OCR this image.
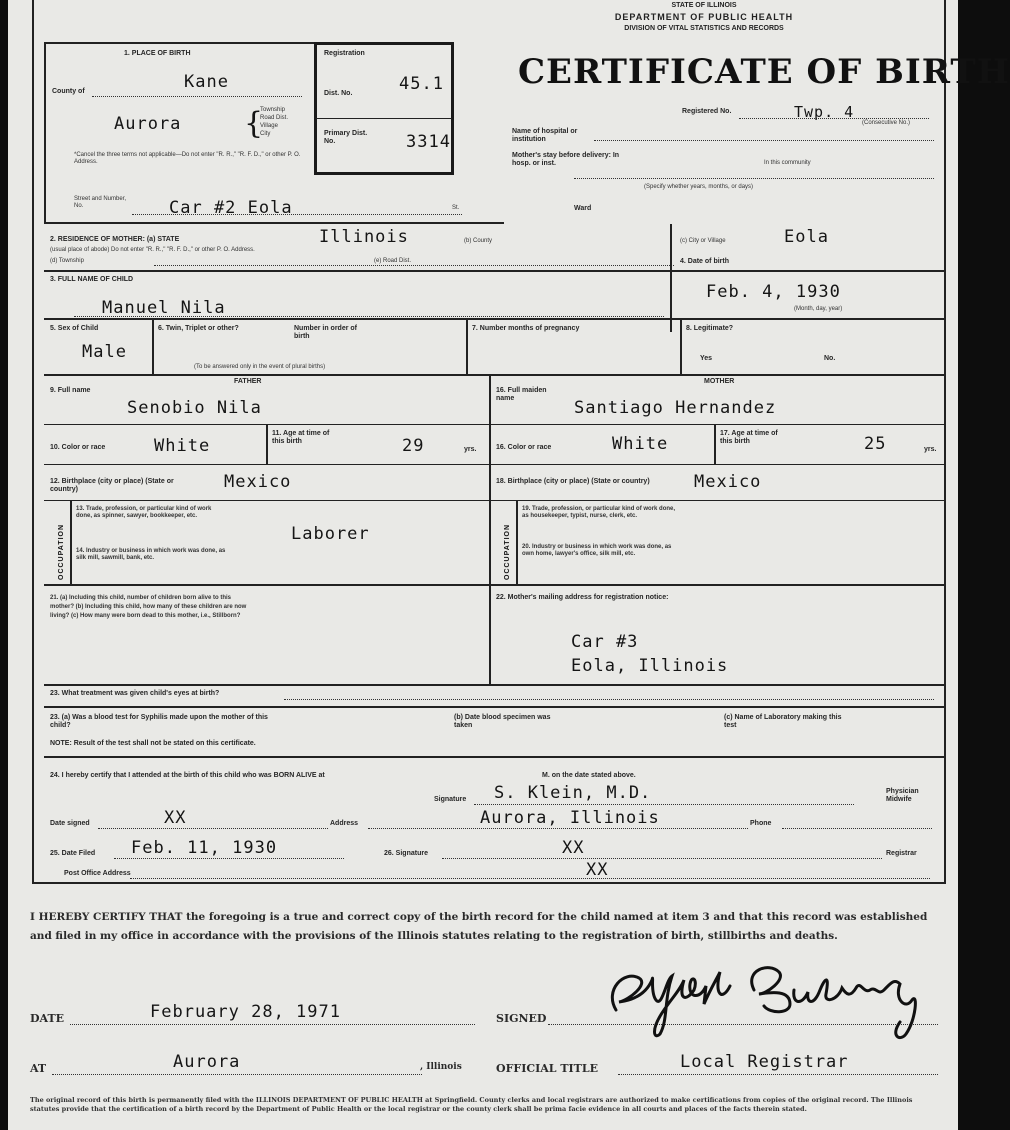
STATE OF ILLINOIS
DEPARTMENT OF PUBLIC HEALTH
DIVISION OF VITAL STATISTICS AND RECORDS
CERTIFICATE OF BIRTH
Registered No.	Twp. 4
(Consecutive No.)
1. PLACE OF BIRTH
County of	Kane
Aurora {
Township
Road Dist.
Village
City
*Cancel the three terms not applicable—Do not enter "R. R.," "R. F. D.," or other P. O. Address.
Street and Number, No.	Car #2 Eola	St.	Ward
Registration
Dist. No.	45.1
Primary Dist. No.	3314
Name of hospital or institution
Mother's stay before delivery: In hosp. or inst.	In this community
(Specify whether years, months, or days)
2. RESIDENCE OF MOTHER: (a) STATE	Illinois	(b) County
(usual place of abode) Do not enter "R. R.," "R. F. D.," or other P. O. Address.
(d) Township	(e) Road Dist.
(c) City or Village	Eola
3. FULL NAME OF CHILD
Manuel Nila
4. Date of birth
Feb. 4, 1930
(Month, day, year)
5. Sex of Child
Male
6. Twin, Triplet or other?	Number in order of birth
(To be answered only in the event of plural births)
7. Number months of pregnancy	8. Legitimate?
Yes	No.
FATHER	MOTHER
9. Full name
Senobio Nila
10. Color or race	White
11. Age at time of this birth	29	yrs.
12. Birthplace (city or place) (State or country)	Mexico
OCCUPATION
13. Trade, profession, or particular kind of work done, as spinner, sawyer, bookkeeper, etc.
Laborer
14. Industry or business in which work was done, as silk mill, sawmill, bank, etc.
16. Full maiden name	Santiago Hernandez
16. Color or race	White
17. Age at time of this birth	25	yrs.
18. Birthplace (city or place) (State or country)	Mexico
OCCUPATION
19. Trade, profession, or particular kind of work done, as housekeeper, typist, nurse, clerk, etc.
20. Industry or business in which work was done, as own home, lawyer's office, silk mill, etc.
21. (a) Including this child, number of children born alive to this mother? (b) Including this child, how many of these children are now living? (c) How many were born dead to this mother, i.e., Stillborn?
22. Mother's mailing address for registration notice:
Car #3
Eola, Illinois
23. What treatment was given child's eyes at birth?
23. (a) Was a blood test for Syphilis made upon the mother of this child?
(b) Date blood specimen was taken
(c) Name of Laboratory making this test
NOTE: Result of the test shall not be stated on this certificate.
24. I hereby certify that I attended at the birth of this child who was BORN ALIVE at	M. on the date stated above.
Signature S. Klein, M.D.	Physician Midwife
Date signed	XX	Address	Aurora, Illinois	Phone
25. Date Filed Feb. 11, 1930	26. Signature	XX	Registrar
Post Office Address	XX
I HEREBY CERTIFY THAT the foregoing is a true and correct copy of the birth record for the child named at item 3 and that this record was established and filed in my office in accordance with the provisions of the Illinois statutes relating to the registration of birth, stillbirths and deaths.
DATE	February 28, 1971	SIGNED
AT	Aurora	, Illinois	OFFICIAL TITLE	Local Registrar
The original record of this birth is permanently filed with the ILLINOIS DEPARTMENT OF PUBLIC HEALTH at Springfield. County clerks and local registrars are authorized to make certifications from copies of the original record. The Illinois statutes provide that the certification of a birth record by the Department of Public Health or the local registrar or the county clerk shall be prima facie evidence in all courts and places of the facts therein stated.
